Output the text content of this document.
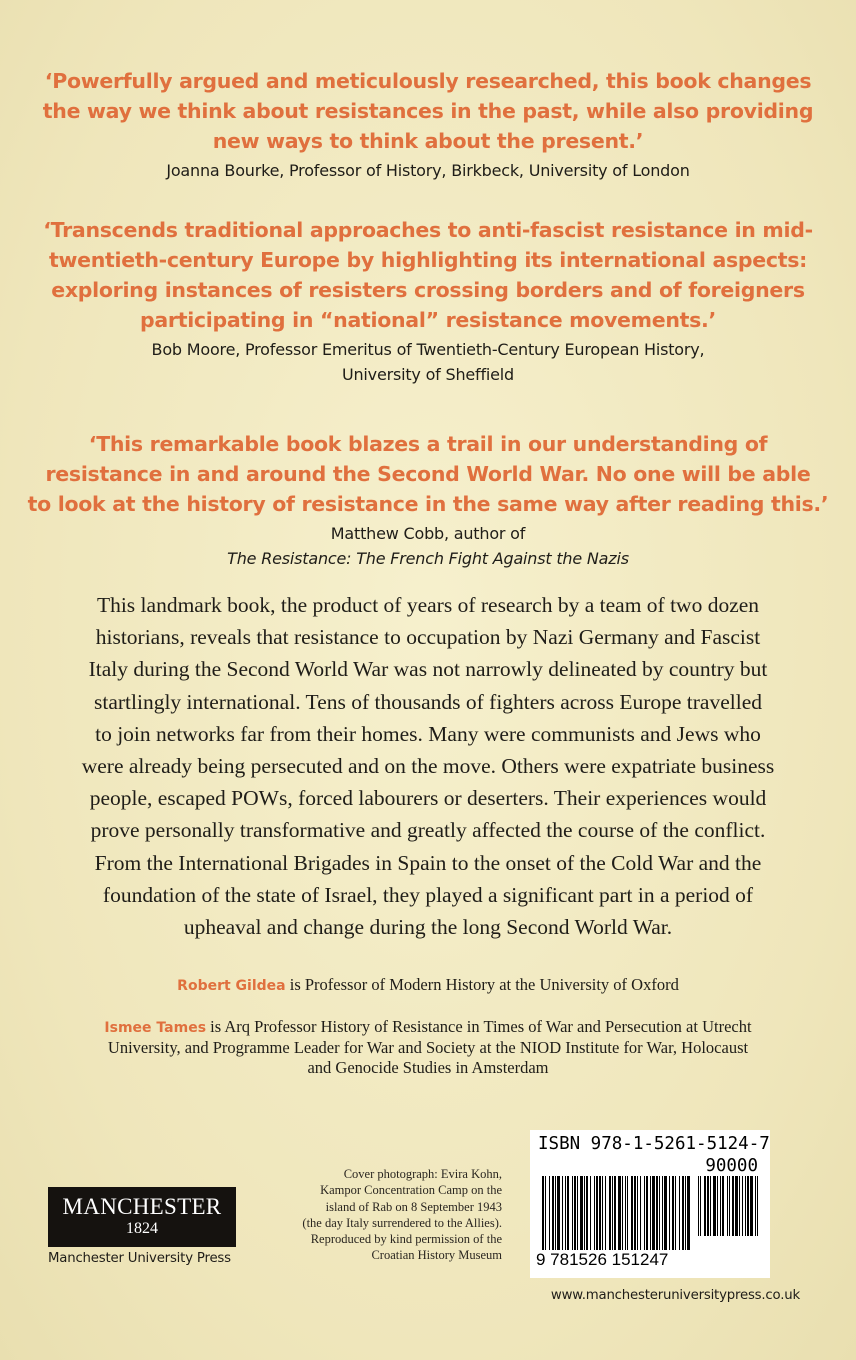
‘Powerfully argued and meticulously researched, this book changes
the way we think about resistances in the past, while also providing
new ways to think about the present.’

Joanna Bourke, Professor of History, Birkbeck, University of London

‘Transcends traditional approaches to anti-fascist resistance in mid-
twentieth-century Europe by highlighting its international aspects:
exploring instances of resisters crossing borders and of foreigners
participating in “national” resistance movements.’

Bob Moore, Professor Emeritus of Twentieth-Century European History,
University of Sheffield

‘This remarkable book blazes a trail in our understanding of
resistance in and around the Second World War. No one will be able
to look at the history of resistance in the same way after reading this.’

Matthew Cobb, author of
The Resistance: The French Fight Against the Nazis

This landmark book, the product of years of research by a team of two dozen
historians, reveals that resistance to occupation by Nazi Germany and Fascist
Italy during the Second World War was not narrowly delineated by country but
startlingly international. Tens of thousands of fighters across Europe travelled
to join networks far from their homes. Many were communists and Jews who
were already being persecuted and on the move. Others were expatriate business
people, escaped POWs, forced labourers or deserters. Their experiences would
prove personally transformative and greatly affected the course of the conflict.
From the International Brigades in Spain to the onset of the Cold War and the
foundation of the state of Israel, they played a significant part in a period of
upheaval and change during the long Second World War.

Robert Gildea is Professor of Modern History at the University of Oxford

Ismee Tames is Arq Professor History of Resistance in Times of War and Persecution at Utrecht
University, and Programme Leader for War and Society at the NIOD Institute for War, Holocaust
and Genocide Studies in Amsterdam

Cover photograph: Evira Kohn,
Kampor Concentration Camp on the
island of Rab on 8 September 1943
(the day Italy surrendered to the Allies).
Reproduced by kind permission of the
Croatian History Museum
MANCHESTER
1824
Manchester University Press
ISBN 978-1-5261-5124-7
90000
9 781526 151247
www.manchesteruniversitypress.co.uk
